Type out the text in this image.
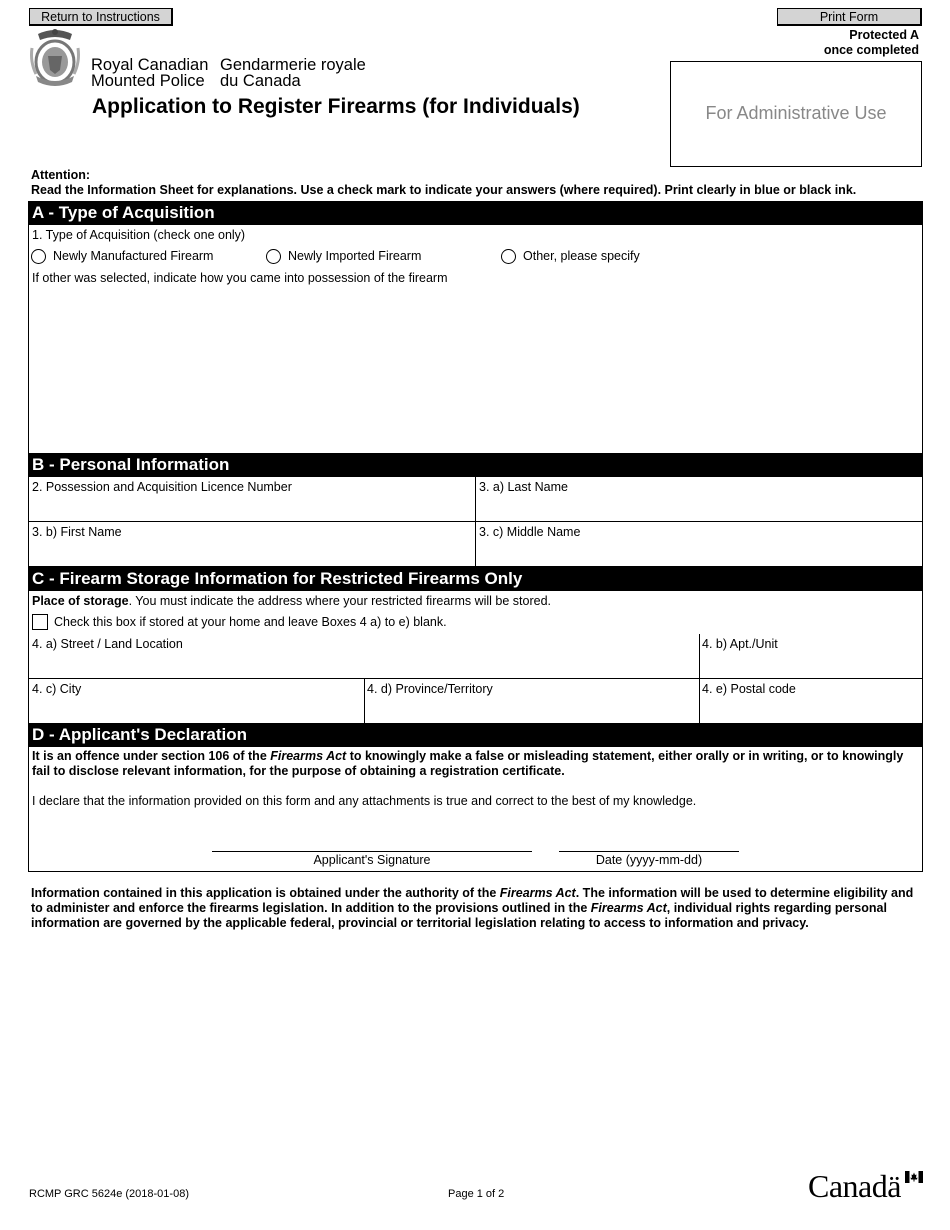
Return to Instructions	Print Form
Protected A
once completed
Royal Canadian
Mounted Police
Gendarmerie royale
du Canada
Application to Register Firearms (for Individuals)	For Administrative Use
Attention:
Read the Information Sheet for explanations. Use a check mark to indicate your answers (where required). Print clearly in blue or black ink.
A - Type of Acquisition
1. Type of Acquisition (check one only)
Newly Manufactured Firearm	Newly Imported Firearm	Other, please specify
If other was selected, indicate how you came into possession of the firearm
B - Personal Information
2. Possession and Acquisition Licence Number	3. a) Last Name
3. b) First Name	3. c) Middle Name
C - Firearm Storage Information for Restricted Firearms Only
Place of storage. You must indicate the address where your restricted firearms will be stored.
Check this box if stored at your home and leave Boxes 4 a) to e) blank.
4. a) Street / Land Location	4. b) Apt./Unit
4. c) City	4. d) Province/Territory	4. e) Postal code
D - Applicant's Declaration
It is an offence under section 106 of the Firearms Act to knowingly make a false or misleading statement, either orally or in writing, or to knowingly fail to disclose relevant information, for the purpose of obtaining a registration certificate.
I declare that the information provided on this form and any attachments is true and correct to the best of my knowledge.
Applicant's Signature	Date (yyyy-mm-dd)
Information contained in this application is obtained under the authority of the Firearms Act. The information will be used to determine eligibility and to administer and enforce the firearms legislation. In addition to the provisions outlined in the Firearms Act, individual rights regarding personal information are governed by the applicable federal, provincial or territorial legislation relating to access to information and privacy.
RCMP GRC 5624e (2018-01-08)	Page 1 of 2	Canadä
